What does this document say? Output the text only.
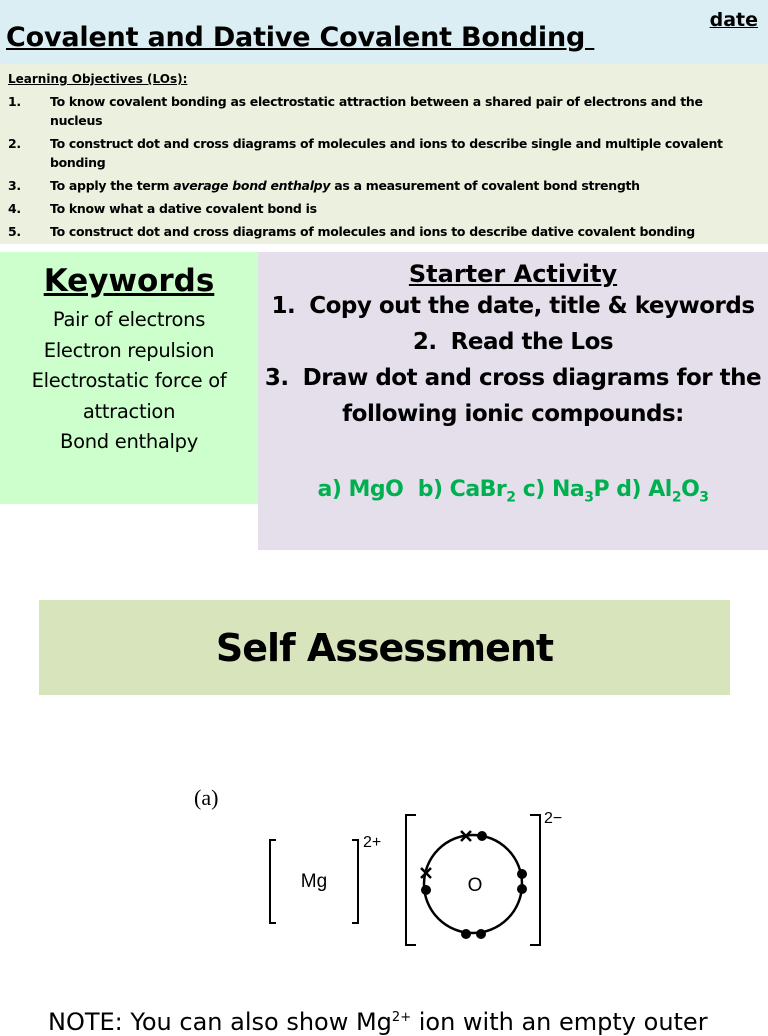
Covalent and Dative Covalent Bonding
date
Learning Objectives (LOs):
1.	To know covalent bonding as electrostatic attraction between a shared pair of electrons and the nucleus
2.	To construct dot and cross diagrams of molecules and ions to describe single and multiple covalent bonding
3.	To apply the term average bond enthalpy as a measurement of covalent bond strength
4.	To know what a dative covalent bond is
5.	To construct dot and cross diagrams of molecules and ions to describe dative covalent bonding
Keywords
Pair of electrons
Electron repulsion
Electrostatic force of attraction
Bond enthalpy
Starter Activity
1. Copy out the date, title & keywords
2. Read the Los
3. Draw dot and cross diagrams for the following ionic compounds:
a) MgO b) CaBr$_2$ c) $Na_3P$ d) $Al_2O_3$
Self Assessment
(a)
Mg
2+
2−
O
NOTE: You can also show $Mg^{2+}$ ion with an empty outer
